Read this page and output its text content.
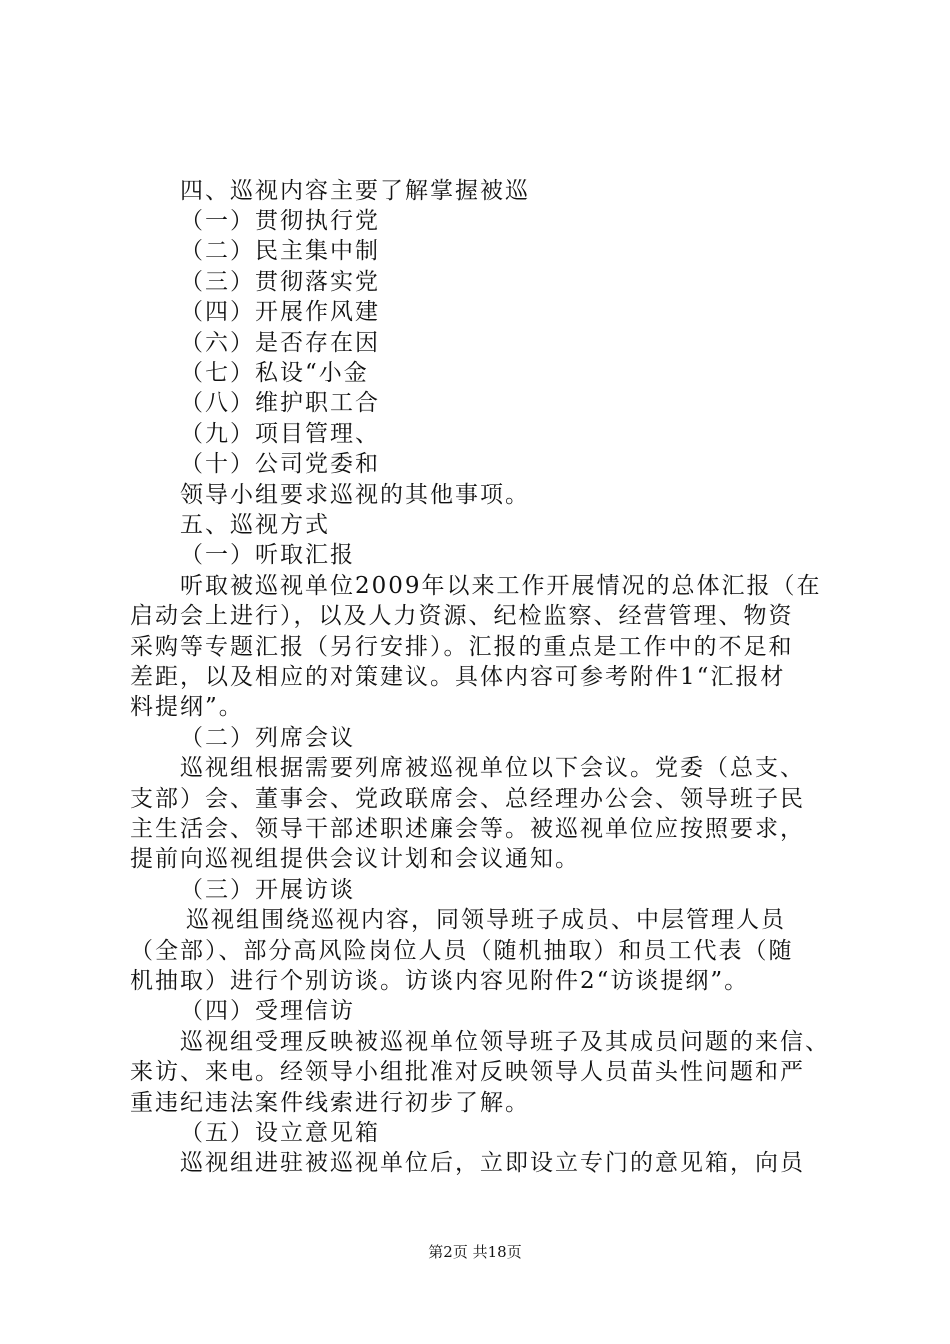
四、巡视内容主要了解掌握被巡
（一）贯彻执行党
（二）民主集中制
（三）贯彻落实党
（四）开展作风建
（六）是否存在因
（七）私设“小金
（八）维护职工合
（九）项目管理、
（十）公司党委和
领导小组要求巡视的其他事项。
五、巡视方式
（一）听取汇报
听取被巡视单位2009年以来工作开展情况的总体汇报（在
启动会上进行），以及人力资源、纪检监察、经营管理、物资
采购等专题汇报（另行安排）。汇报的重点是工作中的不足和
差距，以及相应的对策建议。具体内容可参考附件1“汇报材
料提纲”。
（二）列席会议
巡视组根据需要列席被巡视单位以下会议。党委（总支、
支部）会、董事会、党政联席会、总经理办公会、领导班子民
主生活会、领导干部述职述廉会等。被巡视单位应按照要求，
提前向巡视组提供会议计划和会议通知。
（三）开展访谈
巡视组围绕巡视内容，同领导班子成员、中层管理人员
（全部）、部分高风险岗位人员（随机抽取）和员工代表（随
机抽取）进行个别访谈。访谈内容见附件2“访谈提纲”。
（四）受理信访
巡视组受理反映被巡视单位领导班子及其成员问题的来信、
来访、来电。经领导小组批准对反映领导人员苗头性问题和严
重违纪违法案件线索进行初步了解。
（五）设立意见箱
巡视组进驻被巡视单位后，立即设立专门的意见箱，向员
第2页 共18页
